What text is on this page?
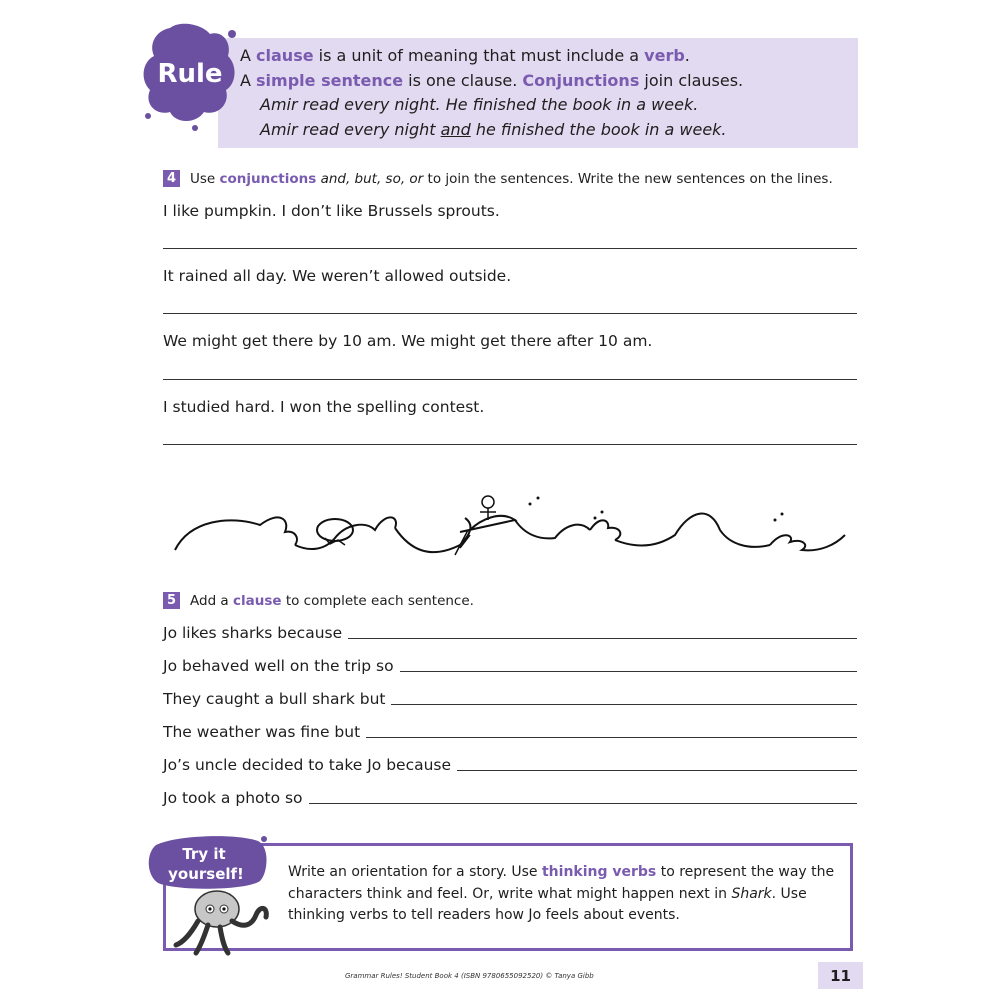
Rule
A clause is a unit of meaning that must include a verb.
A simple sentence is one clause. Conjunctions join clauses.
Amir read every night. He finished the book in a week.
Amir read every night and he finished the book in a week.
4 Use conjunctions and, but, so, or to join the sentences. Write the new sentences on the lines.
I like pumpkin. I don’t like Brussels sprouts.
It rained all day. We weren’t allowed outside.
We might get there by 10 am. We might get there after 10 am.
I studied hard. I won the spelling contest.
5 Add a clause to complete each sentence.
Jo likes sharks because
Jo behaved well on the trip so
They caught a bull shark but
The weather was fine but
Jo’s uncle decided to take Jo because
Jo took a photo so
Try it
yourself!	Write an orientation for a story. Use thinking verbs to represent the way the characters think and feel. Or, write what might happen next in Shark. Use thinking verbs to tell readers how Jo feels about events.
Grammar Rules! Student Book 4 (ISBN 9780655092520) © Tanya Gibb	11
